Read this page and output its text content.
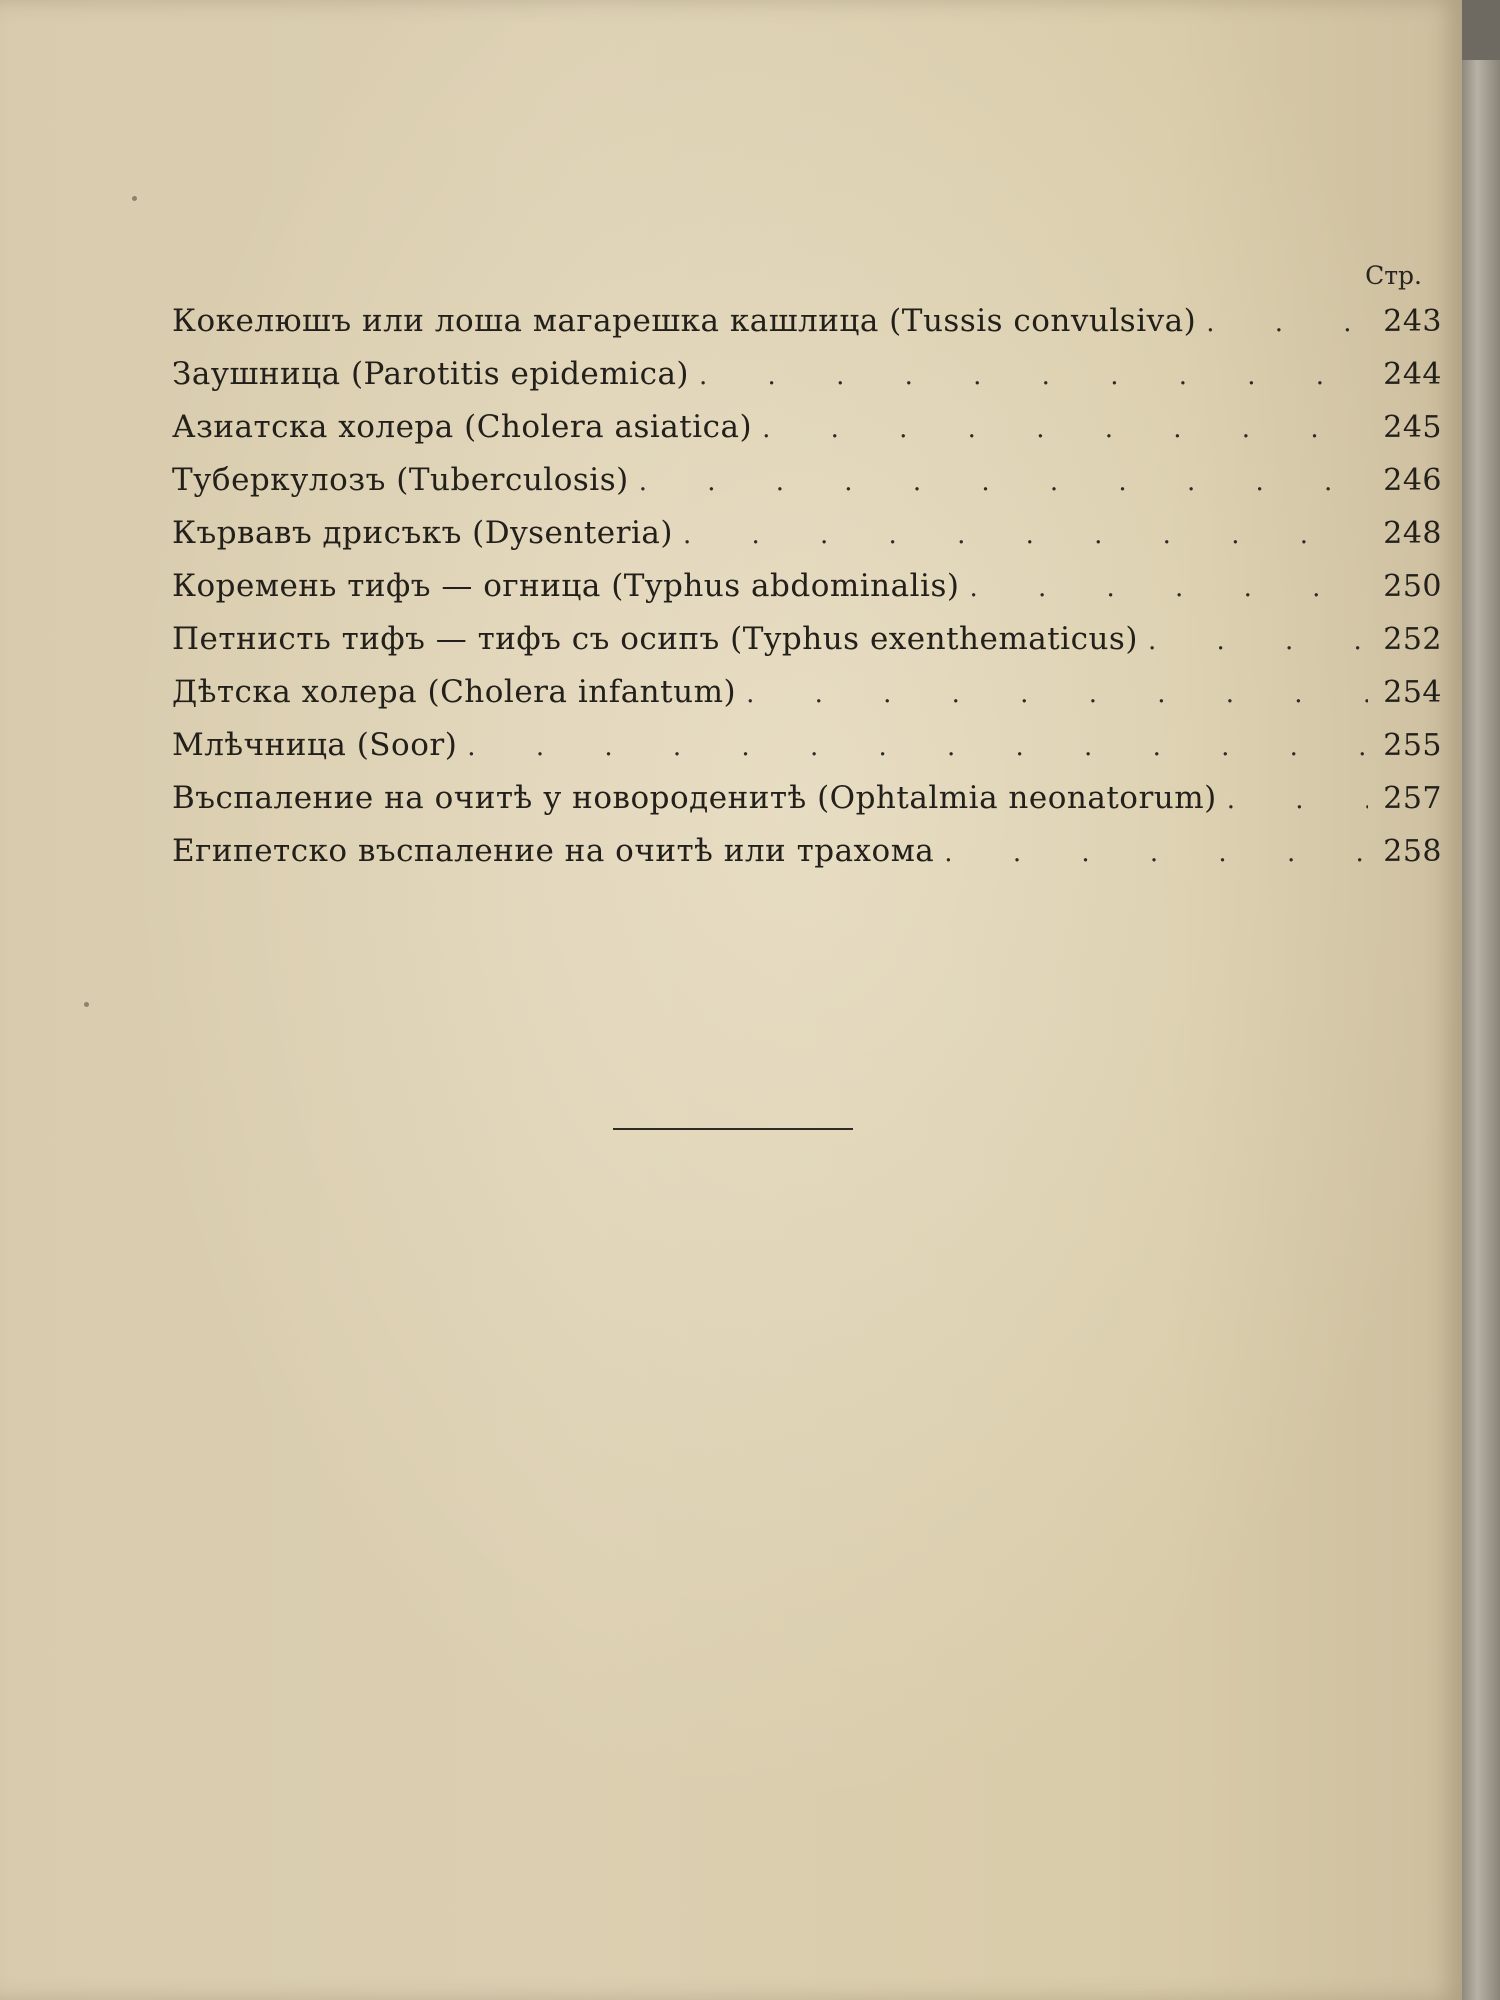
Стр.
Кокелюшъ или лоша магарешка кашлица (Tussis convulsiva) . . .	243
Заушница (Parotitis epidemica) . . .	244
Азиатска холера (Cholera asiatica) . . .	245
Туберкулозъ (Tuberculosis) . . .	246
Кървавъ дрисъкъ (Dysenteria) . . .	248
Коремень тифъ — огница (Typhus abdominalis) . . .	250
Петнисть тифъ — тифъ съ осипъ (Typhus exenthematicus) . . .	252
Дѣтска холера (Cholera infantum) . . .	254
Млѣчница (Soor) . . .	255
Въспаление на очитѣ у новороденитѣ (Ophtalmia neonatorum) . . .	257
Египетско въспаление на очитѣ или трахома . . .	258
